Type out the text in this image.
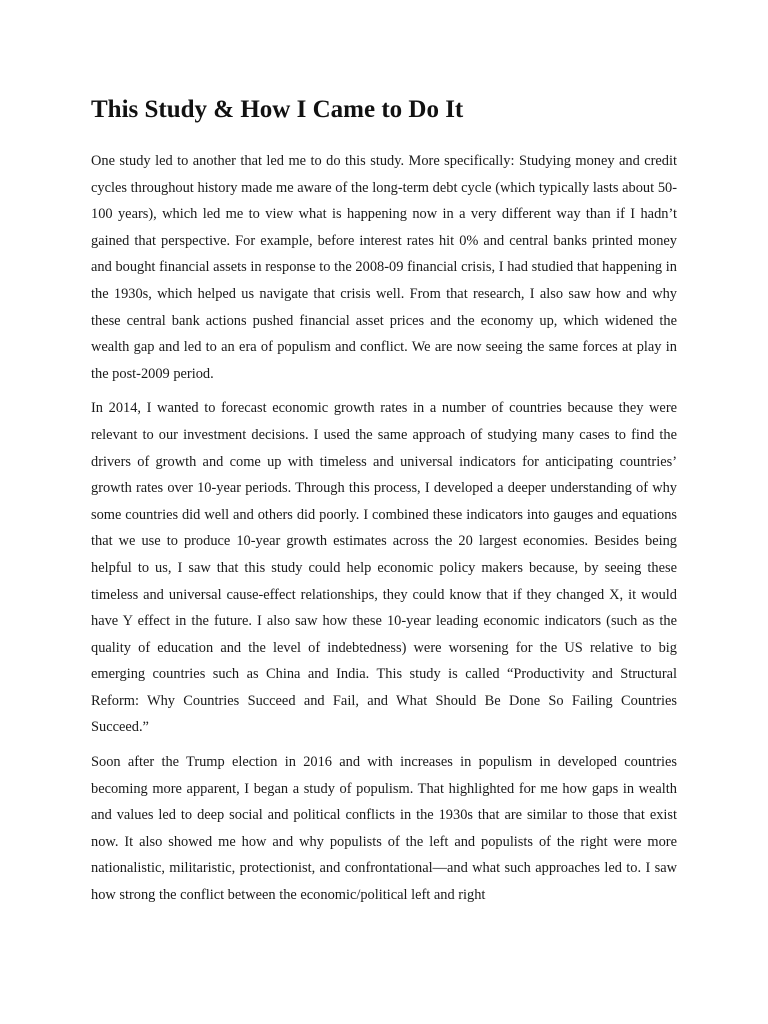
This Study & How I Came to Do It

One study led to another that led me to do this study. More specifically: Studying money and credit cycles throughout history made me aware of the long-term debt cycle (which typically lasts about 50-100 years), which led me to view what is happening now in a very different way than if I hadn’t gained that perspective. For example, before interest rates hit 0% and central banks printed money and bought financial assets in response to the 2008-09 financial crisis, I had studied that happening in the 1930s, which helped us navigate that crisis well. From that research, I also saw how and why these central bank actions pushed financial asset prices and the economy up, which widened the wealth gap and led to an era of populism and conflict. We are now seeing the same forces at play in the post-2009 period.

In 2014, I wanted to forecast economic growth rates in a number of countries because they were relevant to our investment decisions. I used the same approach of studying many cases to find the drivers of growth and come up with timeless and universal indicators for anticipating countries’ growth rates over 10-year periods. Through this process, I developed a deeper understanding of why some countries did well and others did poorly. I combined these indicators into gauges and equations that we use to produce 10-year growth estimates across the 20 largest economies. Besides being helpful to us, I saw that this study could help economic policy makers because, by seeing these timeless and universal cause-effect relationships, they could know that if they changed X, it would have Y effect in the future. I also saw how these 10-year leading economic indicators (such as the quality of education and the level of indebtedness) were worsening for the US relative to big emerging countries such as China and India. This study is called “Productivity and Structural Reform: Why Countries Succeed and Fail, and What Should Be Done So Failing Countries Succeed.”

Soon after the Trump election in 2016 and with increases in populism in developed countries becoming more apparent, I began a study of populism. That highlighted for me how gaps in wealth and values led to deep social and political conflicts in the 1930s that are similar to those that exist now. It also showed me how and why populists of the left and populists of the right were more nationalistic, militaristic, protectionist, and confrontational—and what such approaches led to. I saw how strong the conflict between the economic/political left and right
